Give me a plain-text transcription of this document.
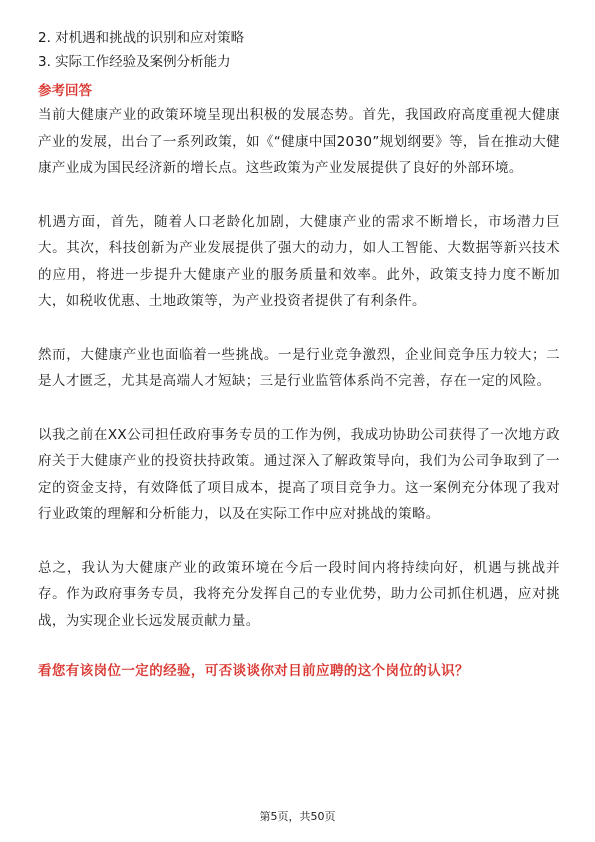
2. 对机遇和挑战的识别和应对策略

3. 实际工作经验及案例分析能力

参考回答

当前大健康产业的政策环境呈现出积极的发展态势。首先，我国政府高度重视大健康产业的发展，出台了一系列政策，如《“健康中国2030”规划纲要》等，旨在推动大健康产业成为国民经济新的增长点。这些政策为产业发展提供了良好的外部环境。

机遇方面，首先，随着人口老龄化加剧，大健康产业的需求不断增长，市场潜力巨大。其次，科技创新为产业发展提供了强大的动力，如人工智能、大数据等新兴技术的应用，将进一步提升大健康产业的服务质量和效率。此外，政策支持力度不断加大，如税收优惠、土地政策等，为产业投资者提供了有利条件。

然而，大健康产业也面临着一些挑战。一是行业竞争激烈，企业间竞争压力较大；二是人才匮乏，尤其是高端人才短缺；三是行业监管体系尚不完善，存在一定的风险。

以我之前在XX公司担任政府事务专员的工作为例，我成功协助公司获得了一次地方政府关于大健康产业的投资扶持政策。通过深入了解政策导向，我们为公司争取到了一定的资金支持，有效降低了项目成本，提高了项目竞争力。这一案例充分体现了我对行业政策的理解和分析能力，以及在实际工作中应对挑战的策略。

总之，我认为大健康产业的政策环境在今后一段时间内将持续向好，机遇与挑战并存。作为政府事务专员，我将充分发挥自己的专业优势，助力公司抓住机遇，应对挑战，为实现企业长远发展贡献力量。

看您有该岗位一定的经验，可否谈谈你对目前应聘的这个岗位的认识？
第5页，共50页
